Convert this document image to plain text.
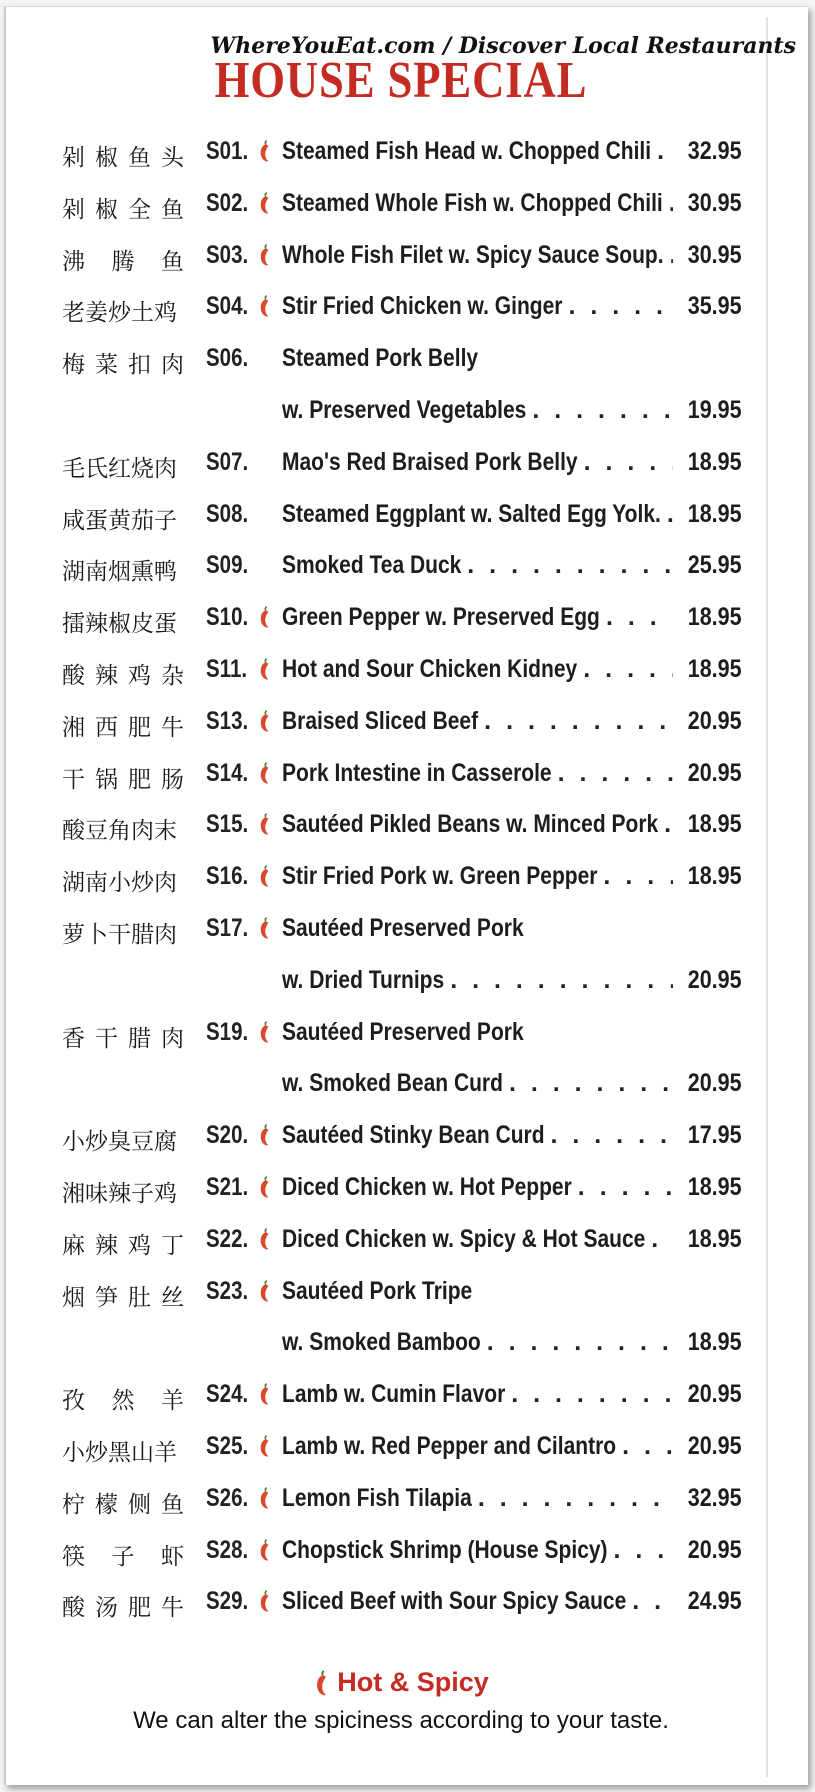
WhereYouEat.com / Discover Local Restaurants
HOUSE SPECIAL
剁 椒 鱼 头 S01. Steamed Fish Head w. Chopped Chili . . . 32.95
剁 椒 全 鱼 S02. Steamed Whole Fish w. Chopped Chili . . . 30.95
沸 腾 鱼 S03. Whole Fish Filet w. Spicy Sauce Soup. . . . 30.95
老 姜 炒 土 鸡 S04. Stir Fried Chicken w. Ginger . . .	35.95
梅 菜 扣 肉 S06. Steamed Pork Belly
w. Preserved Vegetables . . .	19.95
毛 氏 红 烧 肉 S07. Mao's Red Braised Pork Belly . . .	18.95
咸 蛋 黄 茄 子 S08. Steamed Eggplant w. Salted Egg Yolk. . . . 18.95
湖 南 烟 熏 鸭 S09. Smoked Tea Duck . . .	25.95
擂 辣 椒 皮 蛋 S10. Green Pepper w. Preserved Egg . . .	18.95
酸 辣 鸡 杂 S11. Hot and Sour Chicken Kidney . . .	18.95
湘 西 肥 牛 S13. Braised Sliced Beef . . .	20.95
干 锅 肥 肠 S14. Pork Intestine in Casserole . . .	20.95
酸 豆 角 肉 末 S15. Sautéed Pikled Beans w. Minced Pork . . . 18.95
湖 南 小 炒 肉 S16. Stir Fried Pork w. Green Pepper . . .	18.95
萝 卜 干 腊 肉 S17. Sautéed Preserved Pork
w. Dried Turnips . . .	20.95
香 干 腊 肉 S19. Sautéed Preserved Pork
w. Smoked Bean Curd . . .	20.95
小 炒 臭 豆 腐 S20. Sautéed Stinky Bean Curd . . .	17.95
湘 味 辣 子 鸡 S21. Diced Chicken w. Hot Pepper . . .	18.95
麻 辣 鸡 丁 S22. Diced Chicken w. Spicy & Hot Sauce . . . 18.95
烟 笋 肚 丝 S23. Sautéed Pork Tripe
w. Smoked Bamboo . . .	18.95
孜 然 羊 S24. Lamb w. Cumin Flavor . . .	20.95
小 炒 黑 山 羊 S25. Lamb w. Red Pepper and Cilantro . . .	20.95
柠 檬 侧 鱼 S26. Lemon Fish Tilapia . . .	32.95
筷 子 虾 S28. Chopstick Shrimp (House Spicy) . . .	20.95
酸 汤 肥 牛 S29. Sliced Beef with Sour Spicy Sauce . . . 24.95
Hot & Spicy
We can alter the spiciness according to your taste.
